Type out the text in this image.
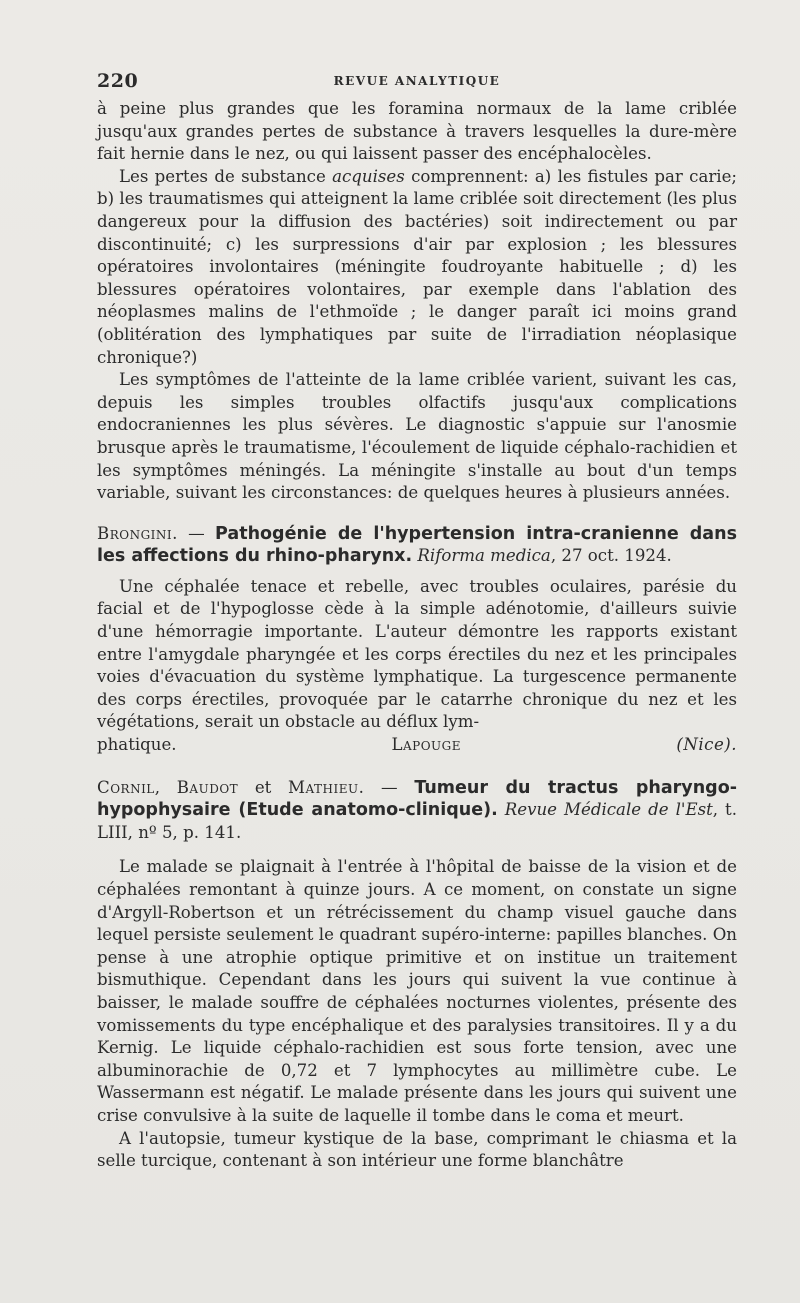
220	REVUE ANALYTIQUE

à peine plus grandes que les foramina normaux de la lame criblée jusqu'aux grandes pertes de substance à travers lesquelles la dure-mère fait hernie dans le nez, ou qui laissent passer des encéphalocèles.

Les pertes de substance acquises comprennent: a) les fistules par carie; b) les traumatismes qui atteignent la lame criblée soit directement (les plus dangereux pour la diffusion des bactéries) soit indirectement ou par discontinuité; c) les surpressions d'air par explosion ; les blessures opératoires involontaires (méningite foudroyante habituelle ; d) les blessures opératoires volontaires, par exemple dans l'ablation des néoplasmes malins de l'ethmoïde ; le danger paraît ici moins grand (oblitération des lymphatiques par suite de l'irradiation néoplasique chronique?)

Les symptômes de l'atteinte de la lame criblée varient, suivant les cas, depuis les simples troubles olfactifs jusqu'aux complications endocraniennes les plus sévères. Le diagnostic s'appuie sur l'anosmie brusque après le traumatisme, l'écoulement de liquide céphalo-rachidien et les symptômes méningés. La méningite s'installe au bout d'un temps variable, suivant les circonstances: de quelques heures à plusieurs années.

Brongini. — Pathogénie de l'hypertension intra-cranienne dans les affections du rhino-pharynx. Riforma medica, 27 oct. 1924.

Une céphalée tenace et rebelle, avec troubles oculaires, parésie du facial et de l'hypoglosse cède à la simple adénotomie, d'ailleurs suivie d'une hémorragie importante. L'auteur démontre les rapports existant entre l'amygdale pharyngée et les corps érectiles du nez et les principales voies d'évacuation du système lymphatique. La turgescence permanente des corps érectiles, provoquée par le catarrhe chronique du nez et les végétations, serait un obstacle au déflux lym-

phatique.	Lapouge	(Nice).

Cornil, Baudot et Mathieu. — Tumeur du tractus pharyngo-hypophysaire (Etude anatomo-clinique). Revue Médicale de l'Est, t. LIII, nº 5, p. 141.

Le malade se plaignait à l'entrée à l'hôpital de baisse de la vision et de céphalées remontant à quinze jours. A ce moment, on constate un signe d'Argyll-Robertson et un rétrécissement du champ visuel gauche dans lequel persiste seulement le quadrant supéro-interne: papilles blanches. On pense à une atrophie optique primitive et on institue un traitement bismuthique. Cependant dans les jours qui suivent la vue continue à baisser, le malade souffre de céphalées nocturnes violentes, présente des vomissements du type encéphalique et des paralysies transitoires. Il y a du Kernig. Le liquide céphalo-rachidien est sous forte tension, avec une albuminorachie de 0,72 et 7 lymphocytes au millimètre cube. Le Wassermann est négatif. Le malade présente dans les jours qui suivent une crise convulsive à la suite de laquelle il tombe dans le coma et meurt.

A l'autopsie, tumeur kystique de la base, comprimant le chiasma et la selle turcique, contenant à son intérieur une forme blanchâtre
